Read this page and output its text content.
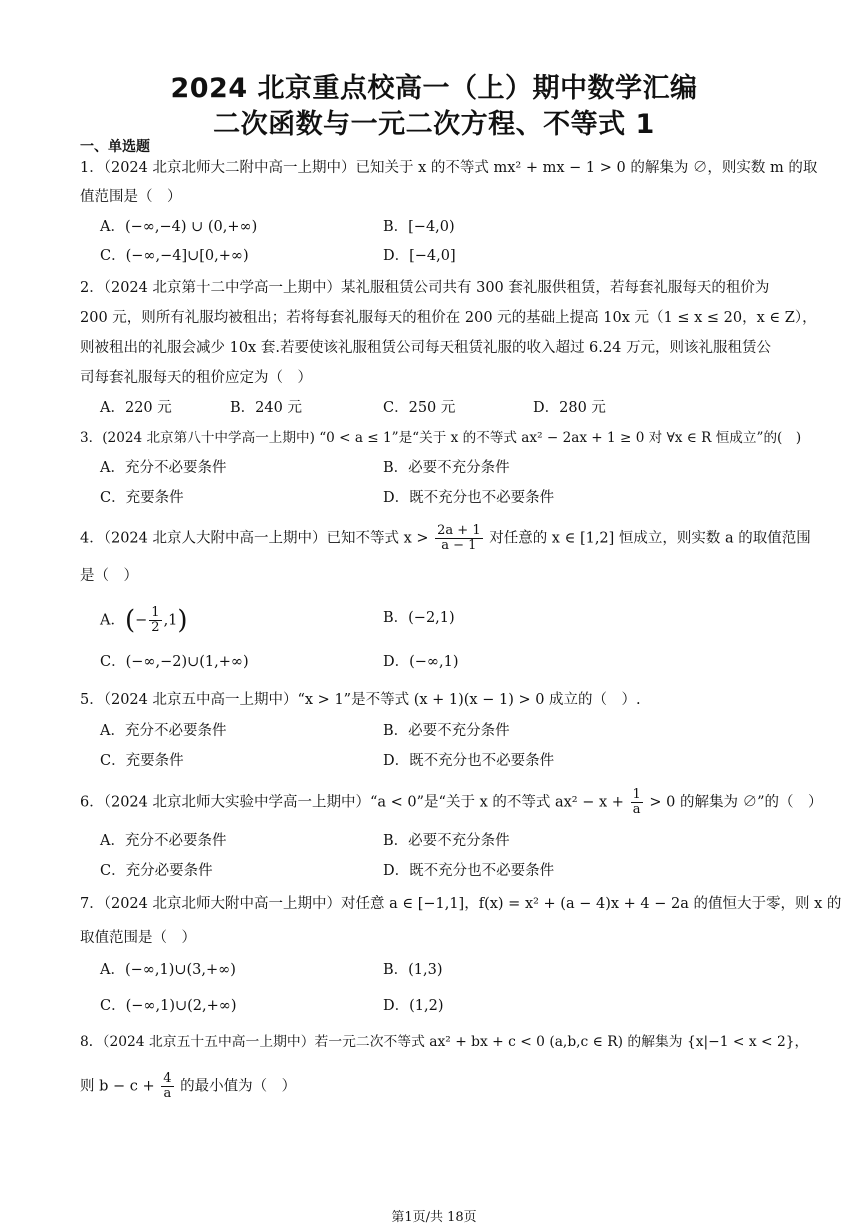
2024 北京重点校高一（上）期中数学汇编
二次函数与一元二次方程、不等式 1
一、单选题
1．（2024 北京北师大二附中高一上期中）已知关于 x 的不等式 mx² + mx − 1 > 0 的解集为 ∅，则实数 m 的取
值范围是（　）
A．(−∞,−4) ∪ (0,+∞)	B．[−4,0)
C．(−∞,−4]∪[0,+∞)	D．[−4,0]
2．（2024 北京第十二中学高一上期中）某礼服租赁公司共有 300 套礼服供租赁，若每套礼服每天的租价为
200 元，则所有礼服均被租出；若将每套礼服每天的租价在 200 元的基础上提高 10x 元（1 ≤ x ≤ 20，x ∈ Z），
则被租出的礼服会减少 10x 套.若要使该礼服租赁公司每天租赁礼服的收入超过 6.24 万元，则该礼服租赁公
司每套礼服每天的租价应定为（　）
A．220 元	B．240 元	C．250 元	D．280 元
3．(2024 北京第八十中学高一上期中) “0 < a ≤ 1”是“关于 x 的不等式 ax² − 2ax + 1 ≥ 0 对 ∀x ∈ R 恒成立”的(　)
A．充分不必要条件	B．必要不充分条件
C．充要条件	D．既不充分也不必要条件
4．（2024 北京人大附中高一上期中）已知不等式 $x > \frac{2a + 1}{a - 1}$ 对任意的 x ∈ [1,2] 恒成立，则实数 a 的取值范围
是（　）
A．(− $\frac{1}{2} ,1$)	B．(−2,1)
C．(−∞,−2)∪(1,+∞)	D．(−∞,1)
5．（2024 北京五中高一上期中）“x > 1”是不等式 (x + 1)(x − 1) > 0 成立的（　）.
A．充分不必要条件	B．必要不充分条件
C．充要条件	D．既不充分也不必要条件
6．（2024 北京北师大实验中学高一上期中）“a < 0”是“关于 x 的不等式 $ax^2 - x + \frac{1}{a} > 0$ 的解集为 ∅”的（　）
A．充分不必要条件	B．必要不充分条件
C．充分必要条件	D．既不充分也不必要条件
7．（2024 北京北师大附中高一上期中）对任意 a ∈ [−1,1]，f(x) = x² + (a − 4)x + 4 − 2a 的值恒大于零，则 x 的
取值范围是（　）
A．(−∞,1)∪(3,+∞)	B．(1,3)
C．(−∞,1)∪(2,+∞)	D．(1,2)
8．（2024 北京五十五中高一上期中）若一元二次不等式 ax² + bx + c < 0 (a,b,c ∈ R) 的解集为 {x|−1 < x < 2}，
则 $b - c + \frac{4}{a}$ 的最小值为（　）
第1页/共 18页
